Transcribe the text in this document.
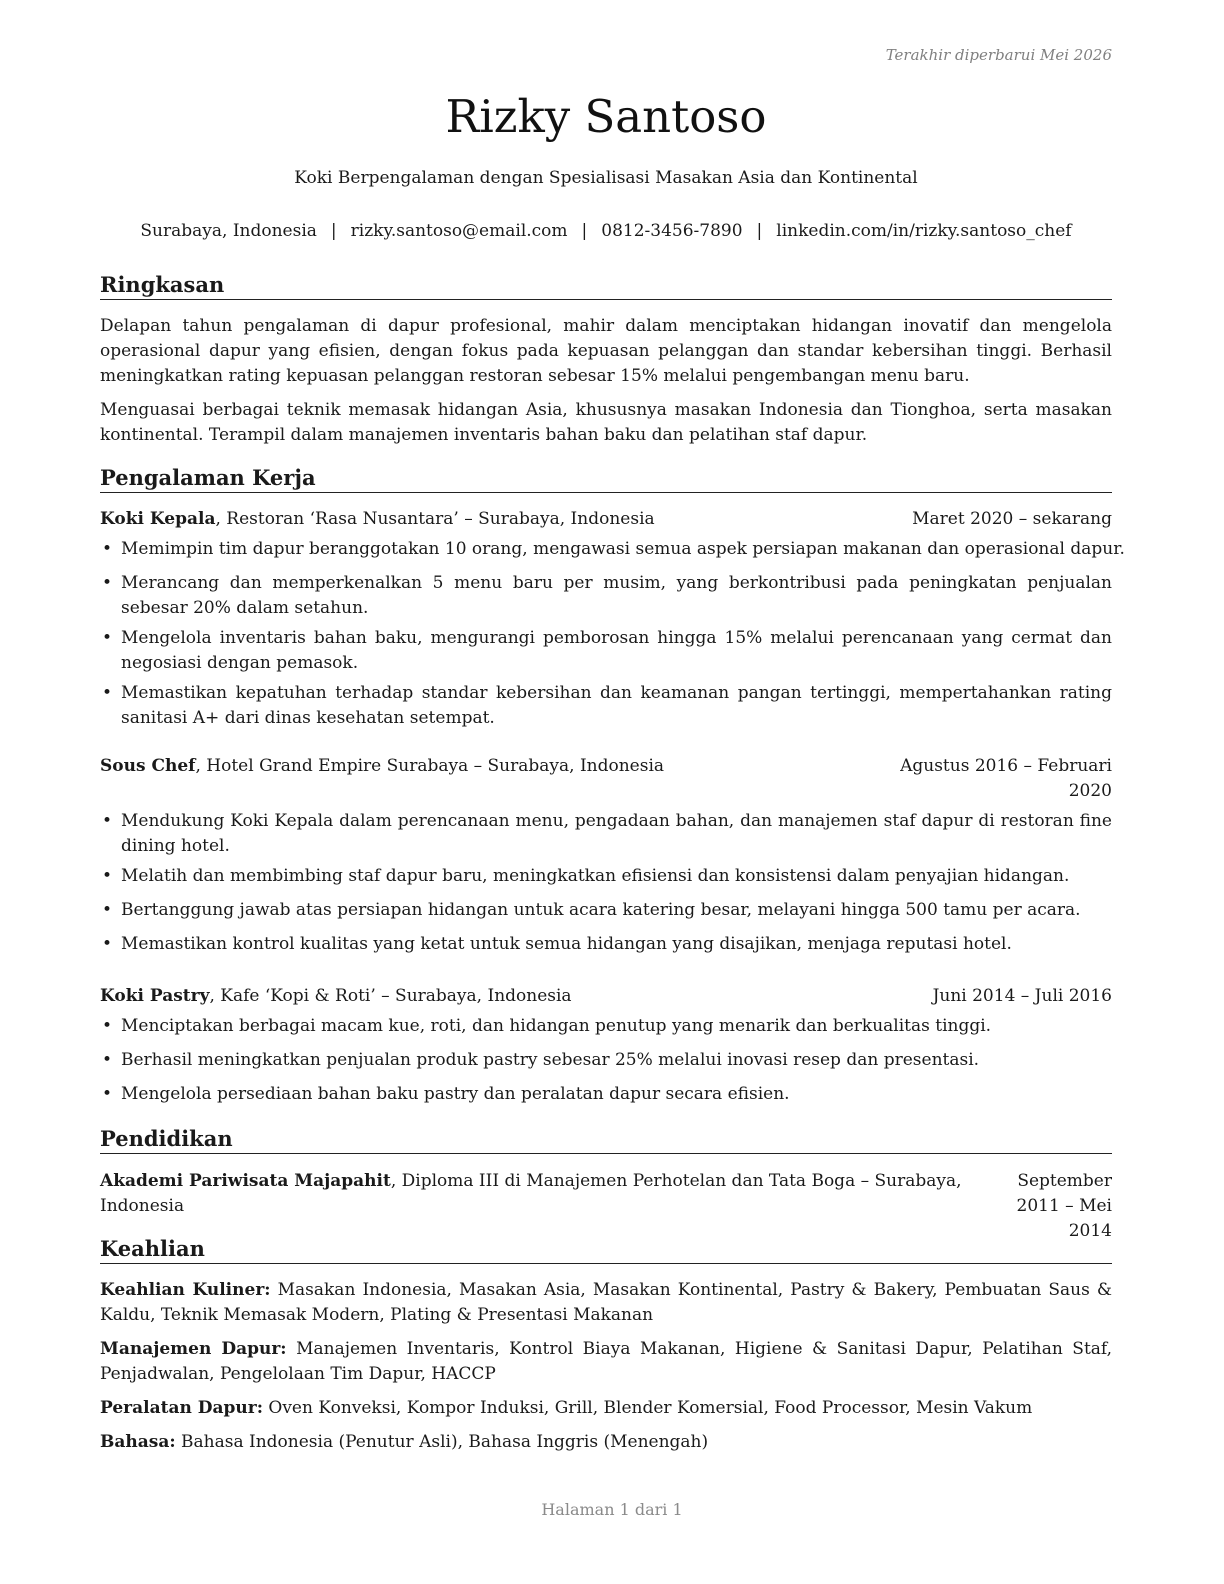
Terakhir diperbarui Mei 2026
Rizky Santoso
Koki Berpengalaman dengan Spesialisasi Masakan Asia dan Kontinental
Surabaya, Indonesia | rizky.santoso@email.com | 0812-3456-7890 | linkedin.com/in/rizky.santoso_chef
Ringkasan

Delapan tahun pengalaman di dapur profesional, mahir dalam menciptakan hidangan inovatif dan mengelola operasional dapur yang efisien, dengan fokus pada kepuasan pelanggan dan standar kebersihan tinggi. Berhasil meningkatkan rating kepuasan pelanggan restoran sebesar 15% melalui pengembangan menu baru.

Menguasai berbagai teknik memasak hidangan Asia, khususnya masakan Indonesia dan Tionghoa, serta masakan kontinental. Terampil dalam manajemen inventaris bahan baku dan pelatihan staf dapur.

Pengalaman Kerja
Koki Kepala, Restoran ‘Rasa Nusantara’ – Surabaya, Indonesia	Maret 2020 – sekarang
• Memimpin tim dapur beranggotakan 10 orang, mengawasi semua aspek persiapan makanan dan operasional dapur.
• Merancang dan memperkenalkan 5 menu baru per musim, yang berkontribusi pada peningkatan penjualan sebesar 20% dalam setahun.
• Mengelola inventaris bahan baku, mengurangi pemborosan hingga 15% melalui perencanaan yang cermat dan negosiasi dengan pemasok.
• Memastikan kepatuhan terhadap standar kebersihan dan keamanan pangan tertinggi, mempertahankan rating sanitasi A+ dari dinas kesehatan setempat.
Sous Chef, Hotel Grand Empire Surabaya – Surabaya, Indonesia	Agustus 2016 – Februari 2020
• Mendukung Koki Kepala dalam perencanaan menu, pengadaan bahan, dan manajemen staf dapur di restoran fine dining hotel.
• Melatih dan membimbing staf dapur baru, meningkatkan efisiensi dan konsistensi dalam penyajian hidangan.
• Bertanggung jawab atas persiapan hidangan untuk acara katering besar, melayani hingga 500 tamu per acara.
• Memastikan kontrol kualitas yang ketat untuk semua hidangan yang disajikan, menjaga reputasi hotel.
Koki Pastry, Kafe ‘Kopi & Roti’ – Surabaya, Indonesia	Juni 2014 – Juli 2016
• Menciptakan berbagai macam kue, roti, dan hidangan penutup yang menarik dan berkualitas tinggi.
• Berhasil meningkatkan penjualan produk pastry sebesar 25% melalui inovasi resep dan presentasi.
• Mengelola persediaan bahan baku pastry dan peralatan dapur secara efisien.
Pendidikan
Akademi Pariwisata Majapahit, Diploma III di Manajemen Perhotelan dan Tata Boga – Surabaya, Indonesia
September 2011 – Mei 2014
Keahlian

Keahlian Kuliner: Masakan Indonesia, Masakan Asia, Masakan Kontinental, Pastry & Bakery, Pembuatan Saus & Kaldu, Teknik Memasak Modern, Plating & Presentasi Makanan

Manajemen Dapur: Manajemen Inventaris, Kontrol Biaya Makanan, Higiene & Sanitasi Dapur, Pelatihan Staf, Penjadwalan, Pengelolaan Tim Dapur, HACCP

Peralatan Dapur: Oven Konveksi, Kompor Induksi, Grill, Blender Komersial, Food Processor, Mesin Vakum

Bahasa: Bahasa Indonesia (Penutur Asli), Bahasa Inggris (Menengah)

Halaman 1 dari 1
